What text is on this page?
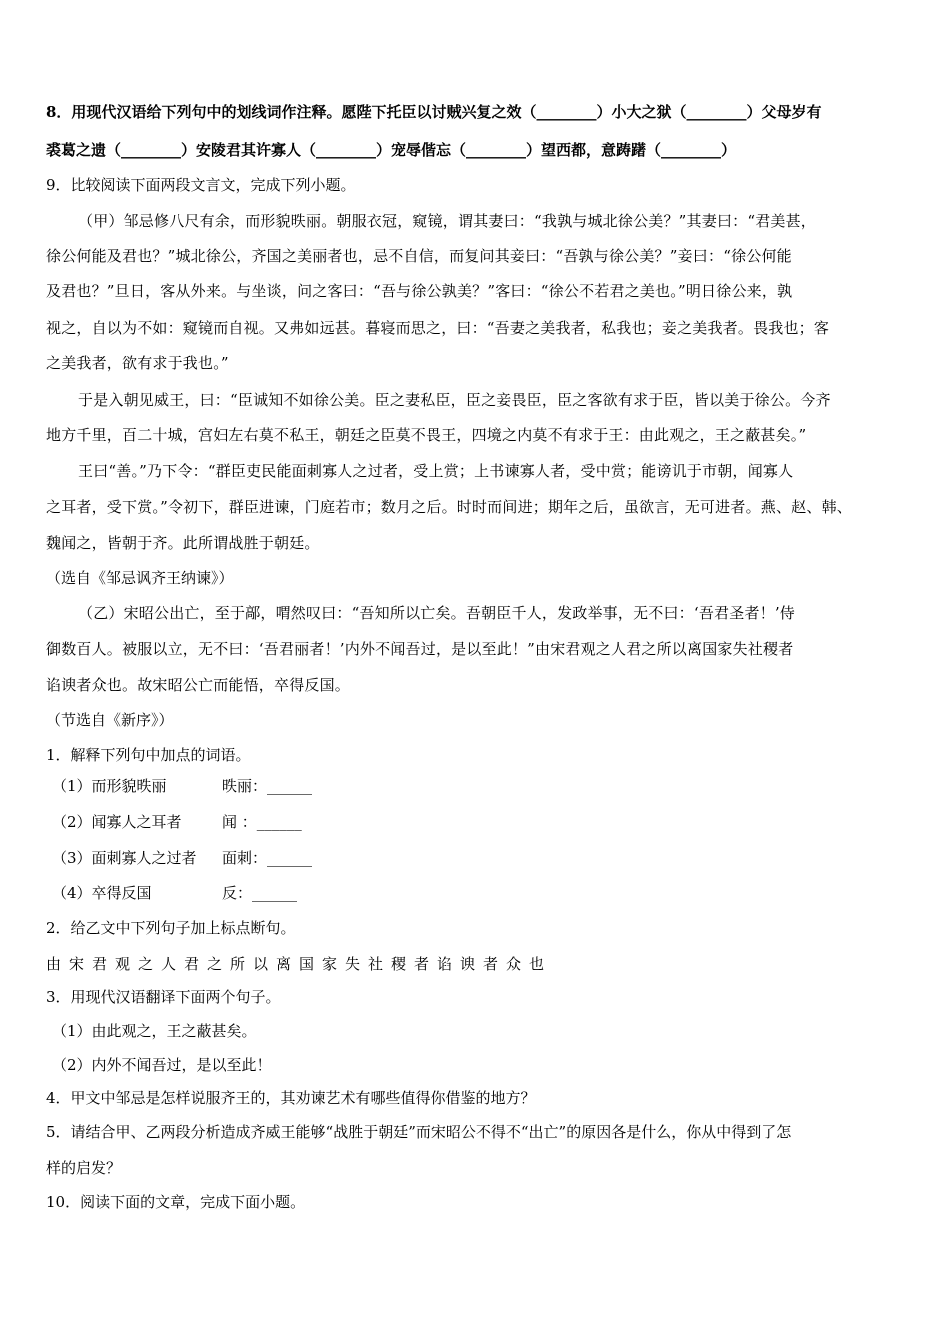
8．用现代汉语给下列句中的划线词作注释。愿陛下托臣以讨贼兴复之效（________）小大之狱（________）父母岁有
裘葛之遗（________）安陵君其许寡人（________）宠辱偕忘（________）望西都，意踌躇（________）
9．比较阅读下面两段文言文，完成下列小题。
（甲）邹忌修八尺有余，而形貌昳丽。朝服衣冠，窥镜，谓其妻曰：“我孰与城北徐公美？”其妻曰：“君美甚，
徐公何能及君也？”城北徐公，齐国之美丽者也，忌不自信，而复问其妾曰：“吾孰与徐公美？”妾曰：“徐公何能
及君也？”旦日，客从外来。与坐谈，问之客曰：“吾与徐公孰美？”客曰：“徐公不若君之美也。”明日徐公来，孰
视之，自以为不如：窥镜而自视。又弗如远甚。暮寝而思之，曰：“吾妻之美我者，私我也；妾之美我者。畏我也；客
之美我者，欲有求于我也。”
于是入朝见威王，曰：“臣诚知不如徐公美。臣之妻私臣，臣之妾畏臣，臣之客欲有求于臣，皆以美于徐公。今齐
地方千里，百二十城，宫妇左右莫不私王，朝廷之臣莫不畏王，四境之内莫不有求于王：由此观之，王之蔽甚矣。”
王曰“善。”乃下令：“群臣吏民能面刺寡人之过者，受上赏；上书谏寡人者，受中赏；能谤讥于市朝，闻寡人
之耳者，受下赏。”令初下，群臣进谏，门庭若市；数月之后。时时而间进；期年之后，虽欲言，无可进者。燕、赵、韩、
魏闻之，皆朝于齐。此所谓战胜于朝廷。
（选自《邹忌讽齐王纳谏》）
（乙）宋昭公出亡，至于鄗，喟然叹曰：“吾知所以亡矣。吾朝臣千人，发政举事，无不曰：‘吾君圣者！’侍
御数百人。被服以立，无不曰：‘吾君丽者！’内外不闻吾过，是以至此！”由宋君观之人君之所以离国家失社稷者
谄谀者众也。故宋昭公亡而能悟，卒得反国。
（节选自《新序》）
1．解释下列句中加点的词语。
（1）而形貌昳丽	昳丽：______
（2）闻寡人之耳者	闻 ：______
（3）面刺寡人之过者 面刺：______
（4）卒得反国	反：______
2．给乙文中下列句子加上标点断句。
由宋君观之人君之所以离国家失社稷者谄谀者众也
3．用现代汉语翻译下面两个句子。
（1）由此观之，王之蔽甚矣。
（2）内外不闻吾过，是以至此！
4．甲文中邹忌是怎样说服齐王的，其劝谏艺术有哪些值得你借鉴的地方？
5．请结合甲、乙两段分析造成齐威王能够“战胜于朝廷”而宋昭公不得不“出亡”的原因各是什么，你从中得到了怎
样的启发？
10．阅读下面的文章，完成下面小题。
